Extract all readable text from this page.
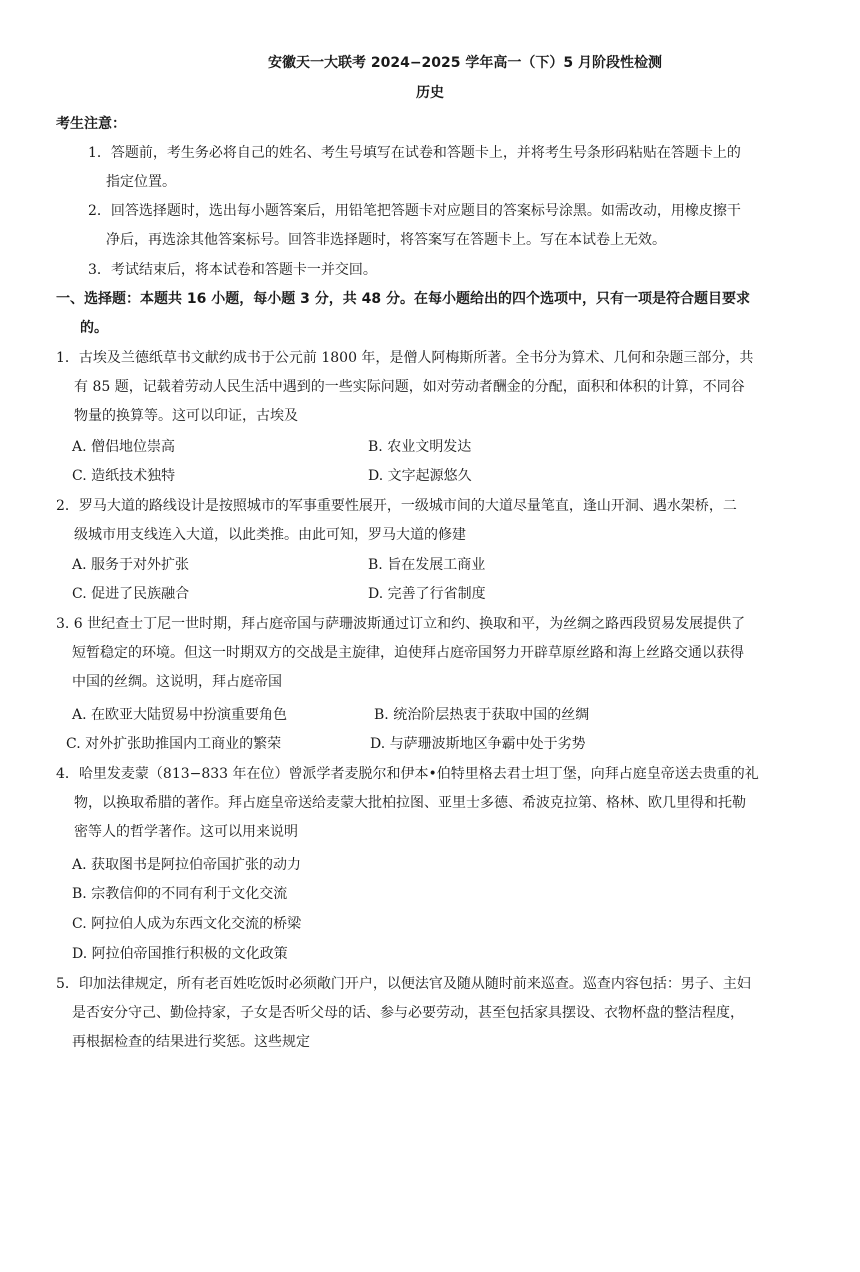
安徽天一大联考 2024−2025 学年高一（下）5 月阶段性检测
历史
考生注意：
1．答题前，考生务必将自己的姓名、考生号填写在试卷和答题卡上，并将考生号条形码粘贴在答题卡上的
指定位置。
2．回答选择题时，选出每小题答案后，用铅笔把答题卡对应题目的答案标号涂黑。如需改动，用橡皮擦干
净后，再选涂其他答案标号。回答非选择题时，将答案写在答题卡上。写在本试卷上无效。
3．考试结束后，将本试卷和答题卡一并交回。
一、选择题：本题共 16 小题，每小题 3 分，共 48 分。在每小题给出的四个选项中，只有一项是符合题目要求
的。
1．古埃及兰德纸草书文献约成书于公元前 1800 年，是僧人阿梅斯所著。全书分为算术、几何和杂题三部分，共
有 85 题，记载着劳动人民生活中遇到的一些实际问题，如对劳动者酬金的分配，面积和体积的计算，不同谷
物量的换算等。这可以印证，古埃及
A. 僧侣地位崇高	B. 农业文明发达
C. 造纸技术独特	D. 文字起源悠久
2．罗马大道的路线设计是按照城市的军事重要性展开，一级城市间的大道尽量笔直，逢山开洞、遇水架桥，二
级城市用支线连入大道，以此类推。由此可知，罗马大道的修建
A. 服务于对外扩张	B. 旨在发展工商业
C. 促进了民族融合	D. 完善了行省制度
3. 6 世纪查士丁尼一世时期，拜占庭帝国与萨珊波斯通过订立和约、换取和平，为丝绸之路西段贸易发展提供了
短暂稳定的环境。但这一时期双方的交战是主旋律，迫使拜占庭帝国努力开辟草原丝路和海上丝路交通以获得
中国的丝绸。这说明，拜占庭帝国
A. 在欧亚大陆贸易中扮演重要角色	B. 统治阶层热衷于获取中国的丝绸
C. 对外扩张助推国内工商业的繁荣	D. 与萨珊波斯地区争霸中处于劣势
4．哈里发麦蒙（813−833 年在位）曾派学者麦脱尔和伊本•伯特里格去君士坦丁堡，向拜占庭皇帝送去贵重的礼
物，以换取希腊的著作。拜占庭皇帝送给麦蒙大批柏拉图、亚里士多德、希波克拉第、格林、欧几里得和托勒
密等人的哲学著作。这可以用来说明
A. 获取图书是阿拉伯帝国扩张的动力
B. 宗教信仰的不同有利于文化交流
C. 阿拉伯人成为东西文化交流的桥梁
D. 阿拉伯帝国推行积极的文化政策
5．印加法律规定，所有老百姓吃饭时必须敞门开户，以便法官及随从随时前来巡查。巡查内容包括：男子、主妇
是否安分守己、勤俭持家，子女是否听父母的话、参与必要劳动，甚至包括家具摆设、衣物杯盘的整洁程度，
再根据检查的结果进行奖惩。这些规定
